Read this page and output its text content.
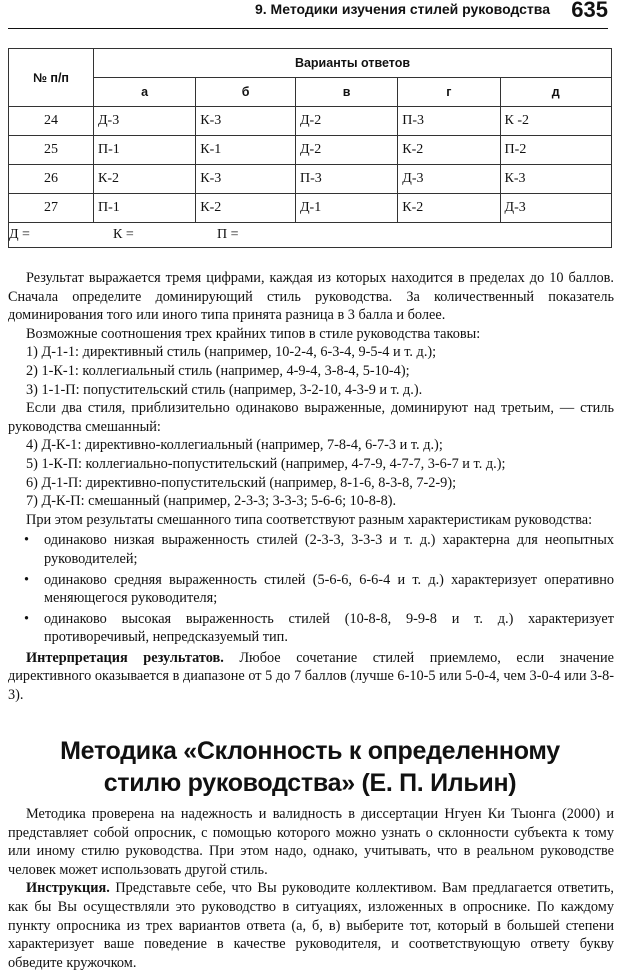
9. Методики изучения стилей руководства 635
№ п/п	Варианты ответов				
	а	б	в	г	д
24	Д-3	К-3	Д-2	П-3	К -2
25	П-1	К-1	Д-2	К-2	П-2
26	К-2	К-3	П-3	Д-3	К-3
27	П-1	К-2	Д-1	К-2	Д-3

Д = К = П =					

Результат выражается тремя цифрами, каждая из которых находится в пределах до 10 баллов. Сначала определите доминирующий стиль руководства. За количественный показатель доминирования того или иного типа принята разница в 3 балла и более.

Возможные соотношения трех крайних типов в стиле руководства таковы:

1) Д-1-1: директивный стиль (например, 10-2-4, 6-3-4, 9-5-4 и т. д.);
2) 1-К-1: коллегиальный стиль (например, 4-9-4, 3-8-4, 5-10-4);
3) 1-1-П: попустительский стиль (например, 3-2-10, 4-3-9 и т. д.).

Если два стиля, приблизительно одинаково выраженные, доминируют над третьим, — стиль руководства смешанный:

4) Д-К-1: директивно-коллегиальный (например, 7-8-4, 6-7-3 и т. д.);
5) 1-К-П: коллегиально-попустительский (например, 4-7-9, 4-7-7, 3-6-7 и т. д.);
6) Д-1-П: директивно-попустительский (например, 8-1-6, 8-3-8, 7-2-9);
7) Д-К-П: смешанный (например, 2-3-3; 3-3-3; 5-6-6; 10-8-8).

При этом результаты смешанного типа соответствуют разным характеристикам руководства:

• одинаково низкая выраженность стилей (2-3-3, 3-3-3 и т. д.) характерна для неопытных руководителей;
• одинаково средняя выраженность стилей (5-6-6, 6-6-4 и т. д.) характеризует оперативно меняющегося руководителя;
• одинаково высокая выраженность стилей (10-8-8, 9-9-8 и т. д.) характеризует противоречивый, непредсказуемый тип.

Интерпретация результатов. Любое сочетание стилей приемлемо, если значение директивного оказывается в диапазоне от 5 до 7 баллов (лучше 6-10-5 или 5-0-4, чем 3-0-4 или 3-8-3).

Методика «Склонность к определенному
стилю руководства» (Е. П. Ильин)

Методика проверена на надежность и валидность в диссертации Нгуен Ки Тыонга (2000) и представляет собой опросник, с помощью которого можно узнать о склонности субъекта к тому или иному стилю руководства. При этом надо, однако, учитывать, что в реальном руководстве человек может использовать другой стиль.

Инструкция. Представьте себе, что Вы руководите коллективом. Вам предлагается ответить, как бы Вы осуществляли это руководство в ситуациях, изложенных в опроснике. По каждому пункту опросника из трех вариантов ответа (а, б, в) выберите тот, который в большей степени характеризует ваше поведение в качестве руководителя, и соответствующую ответу букву обведите кружочком.
